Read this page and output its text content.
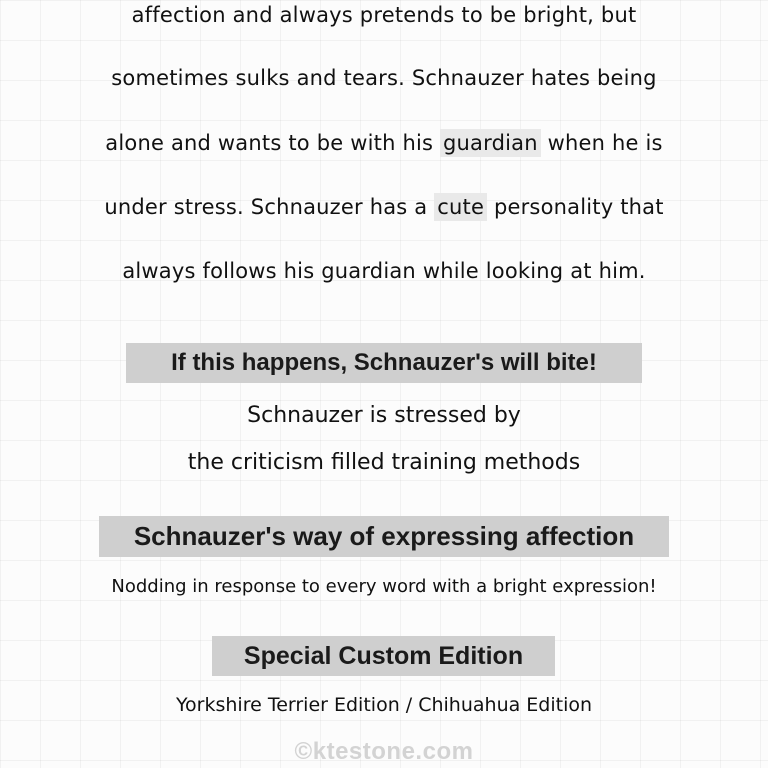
affection and always pretends to be bright, but
sometimes sulks and tears. Schnauzer hates being
alone and wants to be with his guardian when he is
under stress. Schnauzer has a cute personality that
always follows his guardian while looking at him.
If this happens, Schnauzer's will bite!
Schnauzer is stressed by
the criticism filled training methods
Schnauzer's way of expressing affection
Nodding in response to every word with a bright expression!
Special Custom Edition
Yorkshire Terrier Edition / Chihuahua Edition
©ktestone.com
